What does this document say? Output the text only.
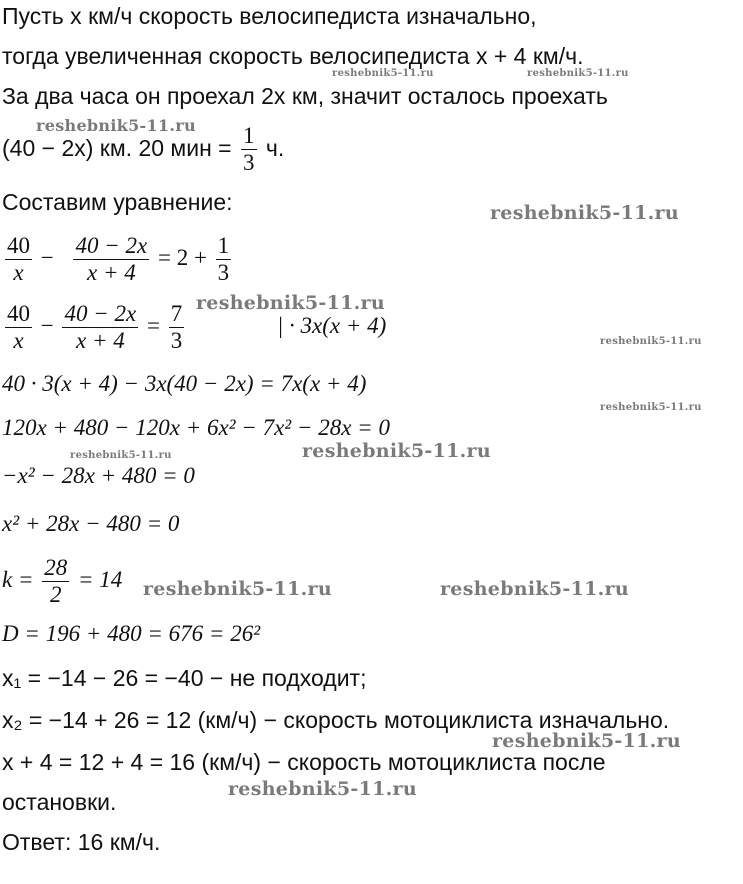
Пусть x км/ч скорость велосипедиста изначально,
тогда увеличенная скорость велосипедиста x + 4 км/ч.
За два часа он проехал 2x км, значит осталось проехать
(40 − 2x) км. 20 мин = $\frac{1}{3} ч$.
Составим уравнение:
$\frac{40}{x} - \frac{40 - 2x}{x + 4} = 2 + \frac{1}{3}$
$\frac{40}{x} - \frac{40 - 2x}{x + 4} = \frac{7}{3}$	| · 3x(x + 4)
40 · 3(x + 4) − 3x(40 − 2x) = 7x(x + 4)
120x + 480 − 120x + 6x² − 7x² − 28x = 0
−x² − 28x + 480 = 0
x² + 28x − 480 = 0
$k = \frac{28}{2} = 14$
D = 196 + 480 = 676 = 26²
x₁ = −14 − 26 = −40 − не подходит;
x₂ = −14 + 26 = 12 (км/ч) − скорость мотоциклиста изначально.
x + 4 = 12 + 4 = 16 (км/ч) − скорость мотоциклиста после
остановки.
Ответ: 16 км/ч.
reshebnik5-11.ru	reshebnik5-11.ru
reshebnik5-11.ru
reshebnik5-11.ru
reshebnik5-11.ru
reshebnik5-11.ru
reshebnik5-11.ru
reshebnik5-11.ru	reshebnik5-11.ru
reshebnik5-11.ru	reshebnik5-11.ru
reshebnik5-11.ru
reshebnik5-11.ru
